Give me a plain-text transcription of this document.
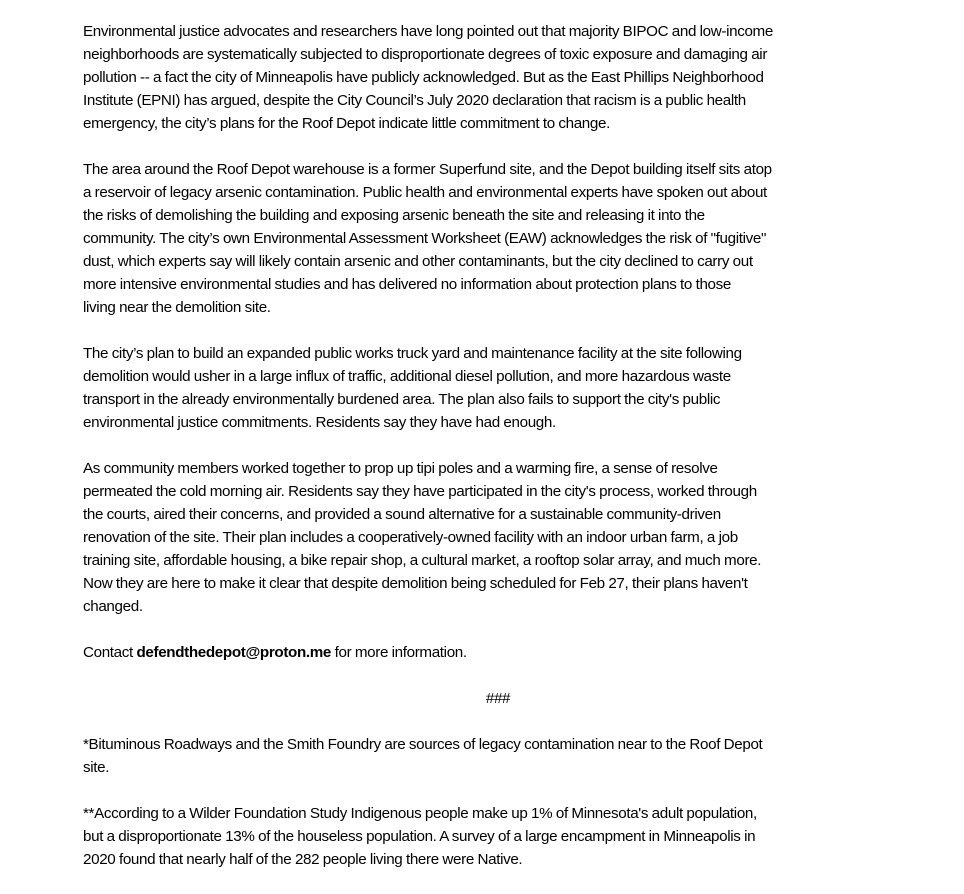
Environmental justice advocates and researchers have long pointed out that majority BIPOC and low-income
neighborhoods are systematically subjected to disproportionate degrees of toxic exposure and damaging air
pollution -- a fact the city of Minneapolis have publicly acknowledged. But as the East Phillips Neighborhood
Institute (EPNI) has argued, despite the City Council’s July 2020 declaration that racism is a public health
emergency, the city’s plans for the Roof Depot indicate little commitment to change.

The area around the Roof Depot warehouse is a former Superfund site, and the Depot building itself sits atop
a reservoir of legacy arsenic contamination. Public health and environmental experts have spoken out about
the risks of demolishing the building and exposing arsenic beneath the site and releasing it into the
community. The city’s own Environmental Assessment Worksheet (EAW) acknowledges the risk of "fugitive"
dust, which experts say will likely contain arsenic and other contaminants, but the city declined to carry out
more intensive environmental studies and has delivered no information about protection plans to those
living near the demolition site.

The city’s plan to build an expanded public works truck yard and maintenance facility at the site following
demolition would usher in a large influx of traffic, additional diesel pollution, and more hazardous waste
transport in the already environmentally burdened area. The plan also fails to support the city's public
environmental justice commitments. Residents say they have had enough.

As community members worked together to prop up tipi poles and a warming fire, a sense of resolve
permeated the cold morning air. Residents say they have participated in the city's process, worked through
the courts, aired their concerns, and provided a sound alternative for a sustainable community-driven
renovation of the site. Their plan includes a cooperatively-owned facility with an indoor urban farm, a job
training site, affordable housing, a bike repair shop, a cultural market, a rooftop solar array, and much more.
Now they are here to make it clear that despite demolition being scheduled for Feb 27, their plans haven't
changed.

Contact defendthedepot@proton.me for more information.

###

*Bituminous Roadways and the Smith Foundry are sources of legacy contamination near to the Roof Depot
site.

**According to a Wilder Foundation Study Indigenous people make up 1% of Minnesota's adult population,
but a disproportionate 13% of the houseless population. A survey of a large encampment in Minneapolis in
2020 found that nearly half of the 282 people living there were Native.
